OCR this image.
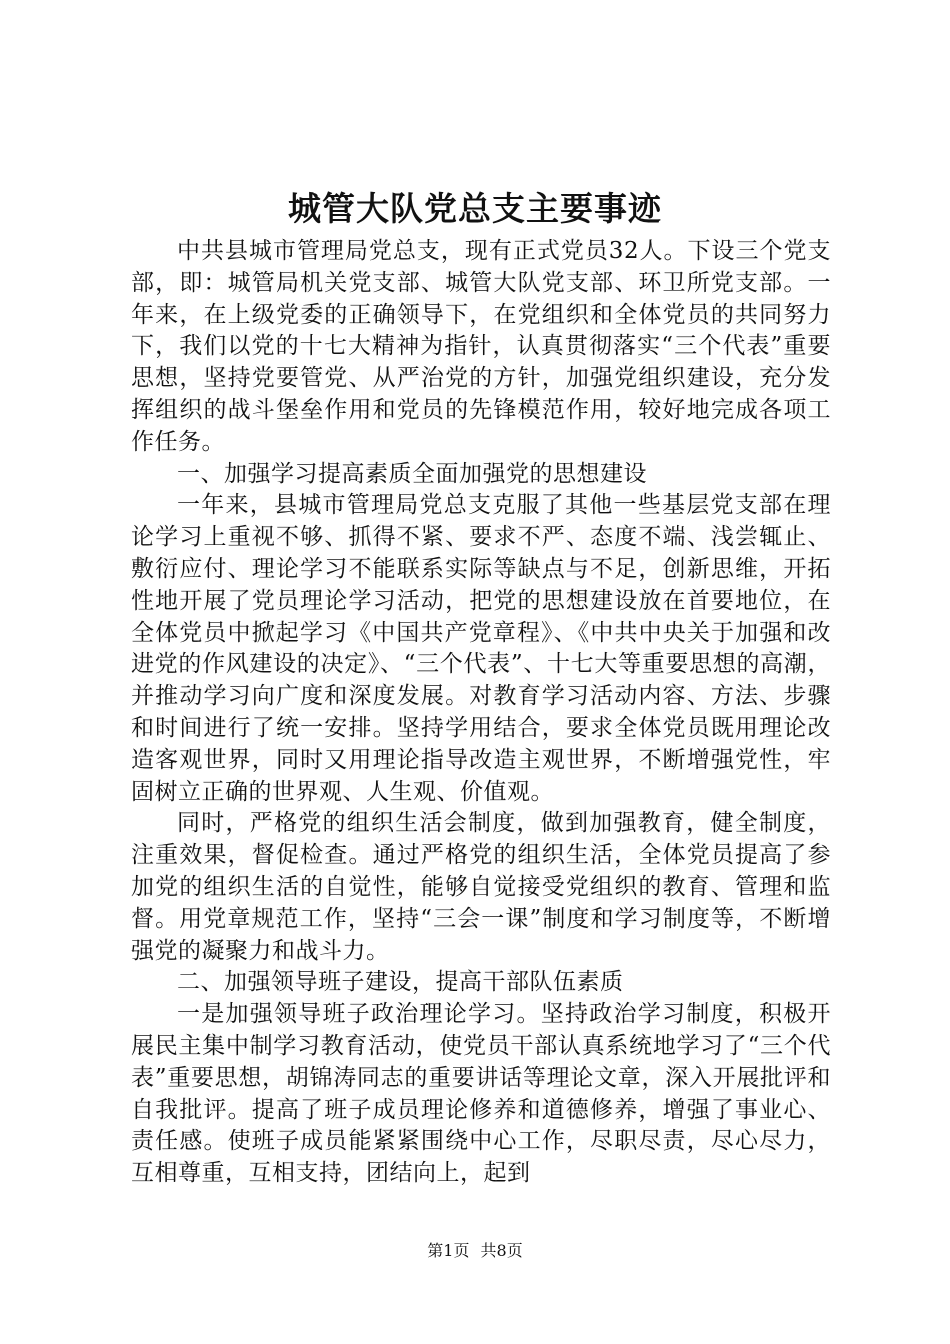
城管大队党总支主要事迹

中共县城市管理局党总支，现有正式党员32人。下设三个党支部，即：城管局机关党支部、城管大队党支部、环卫所党支部。一年来，在上级党委的正确领导下，在党组织和全体党员的共同努力下，我们以党的十七大精神为指针，认真贯彻落实“三个代表”重要思想，坚持党要管党、从严治党的方针，加强党组织建设，充分发挥组织的战斗堡垒作用和党员的先锋模范作用，较好地完成各项工作任务。

一、加强学习提高素质全面加强党的思想建设

一年来，县城市管理局党总支克服了其他一些基层党支部在理论学习上重视不够、抓得不紧、要求不严、态度不端、浅尝辄止、敷衍应付、理论学习不能联系实际等缺点与不足，创新思维，开拓性地开展了党员理论学习活动，把党的思想建设放在首要地位，在全体党员中掀起学习《中国共产党章程》、《中共中央关于加强和改进党的作风建设的决定》、“三个代表”、十七大等重要思想的高潮，并推动学习向广度和深度发展。对教育学习活动内容、方法、步骤和时间进行了统一安排。坚持学用结合，要求全体党员既用理论改造客观世界，同时又用理论指导改造主观世界，不断增强党性，牢固树立正确的世界观、人生观、价值观。

同时，严格党的组织生活会制度，做到加强教育，健全制度，注重效果，督促检查。通过严格党的组织生活，全体党员提高了参加党的组织生活的自觉性，能够自觉接受党组织的教育、管理和监督。用党章规范工作，坚持“三会一课”制度和学习制度等，不断增强党的凝聚力和战斗力。

二、加强领导班子建设，提高干部队伍素质

一是加强领导班子政治理论学习。坚持政治学习制度，积极开展民主集中制学习教育活动，使党员干部认真系统地学习了“三个代表”重要思想，胡锦涛同志的重要讲话等理论文章，深入开展批评和自我批评。提高了班子成员理论修养和道德修养，增强了事业心、责任感。使班子成员能紧紧围绕中心工作，尽职尽责，尽心尽力，互相尊重，互相支持，团结向上，起到

第1页 共8页
